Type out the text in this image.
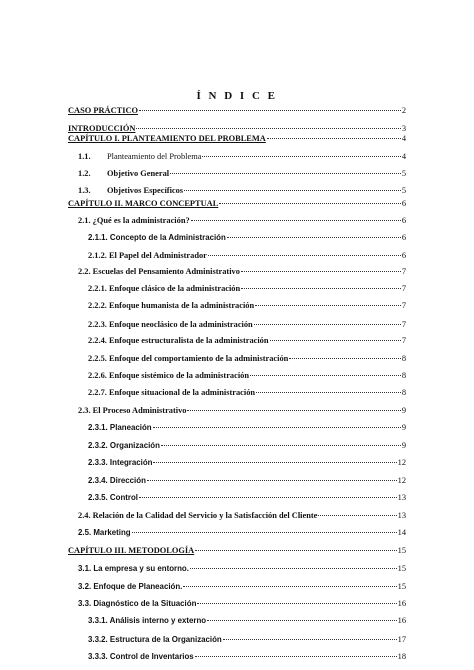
Í N D I C E
CASO PRÁCTICO	2
INTRODUCCIÓN	3
CAPÍTULO I. PLANTEAMIENTO DEL PROBLEMA	4
1.1. Planteamiento del Problema	4
1.2. Objetivo General	5
1.3. Objetivos Específicos	5
CAPÍTULO II. MARCO CONCEPTUAL	6
2.1. ¿Qué es la administración?	6
2.1.1. Concepto de la Administración	6
2.1.2. El Papel del Administrador	6
2.2. Escuelas del Pensamiento Administrativo	7
2.2.1. Enfoque clásico de la administración	7
2.2.2. Enfoque humanista de la administración	7
2.2.3. Enfoque neoclásico de la administración	7
2.2.4. Enfoque estructuralista de la administración	7
2.2.5. Enfoque del comportamiento de la administración	8
2.2.6. Enfoque sistémico de la administración	8
2.2.7. Enfoque situacional de la administración	8
2.3. El Proceso Administrativo	9
2.3.1. Planeación	9
2.3.2. Organización	9
2.3.3. Integración	12
2.3.4. Dirección	12
2.3.5. Control	13
2.4. Relación de la Calidad del Servicio y la Satisfacción del Cliente	13
2.5. Marketing	14
CAPÍTULO III. METODOLOGÍA	15
3.1. La empresa y su entorno.	15
3.2. Enfoque de Planeación.	15
3.3. Diagnóstico de la Situación	16
3.3.1. Análisis interno y externo	16
3.3.2. Estructura de la Organización	17
3.3.3. Control de Inventarios	18
